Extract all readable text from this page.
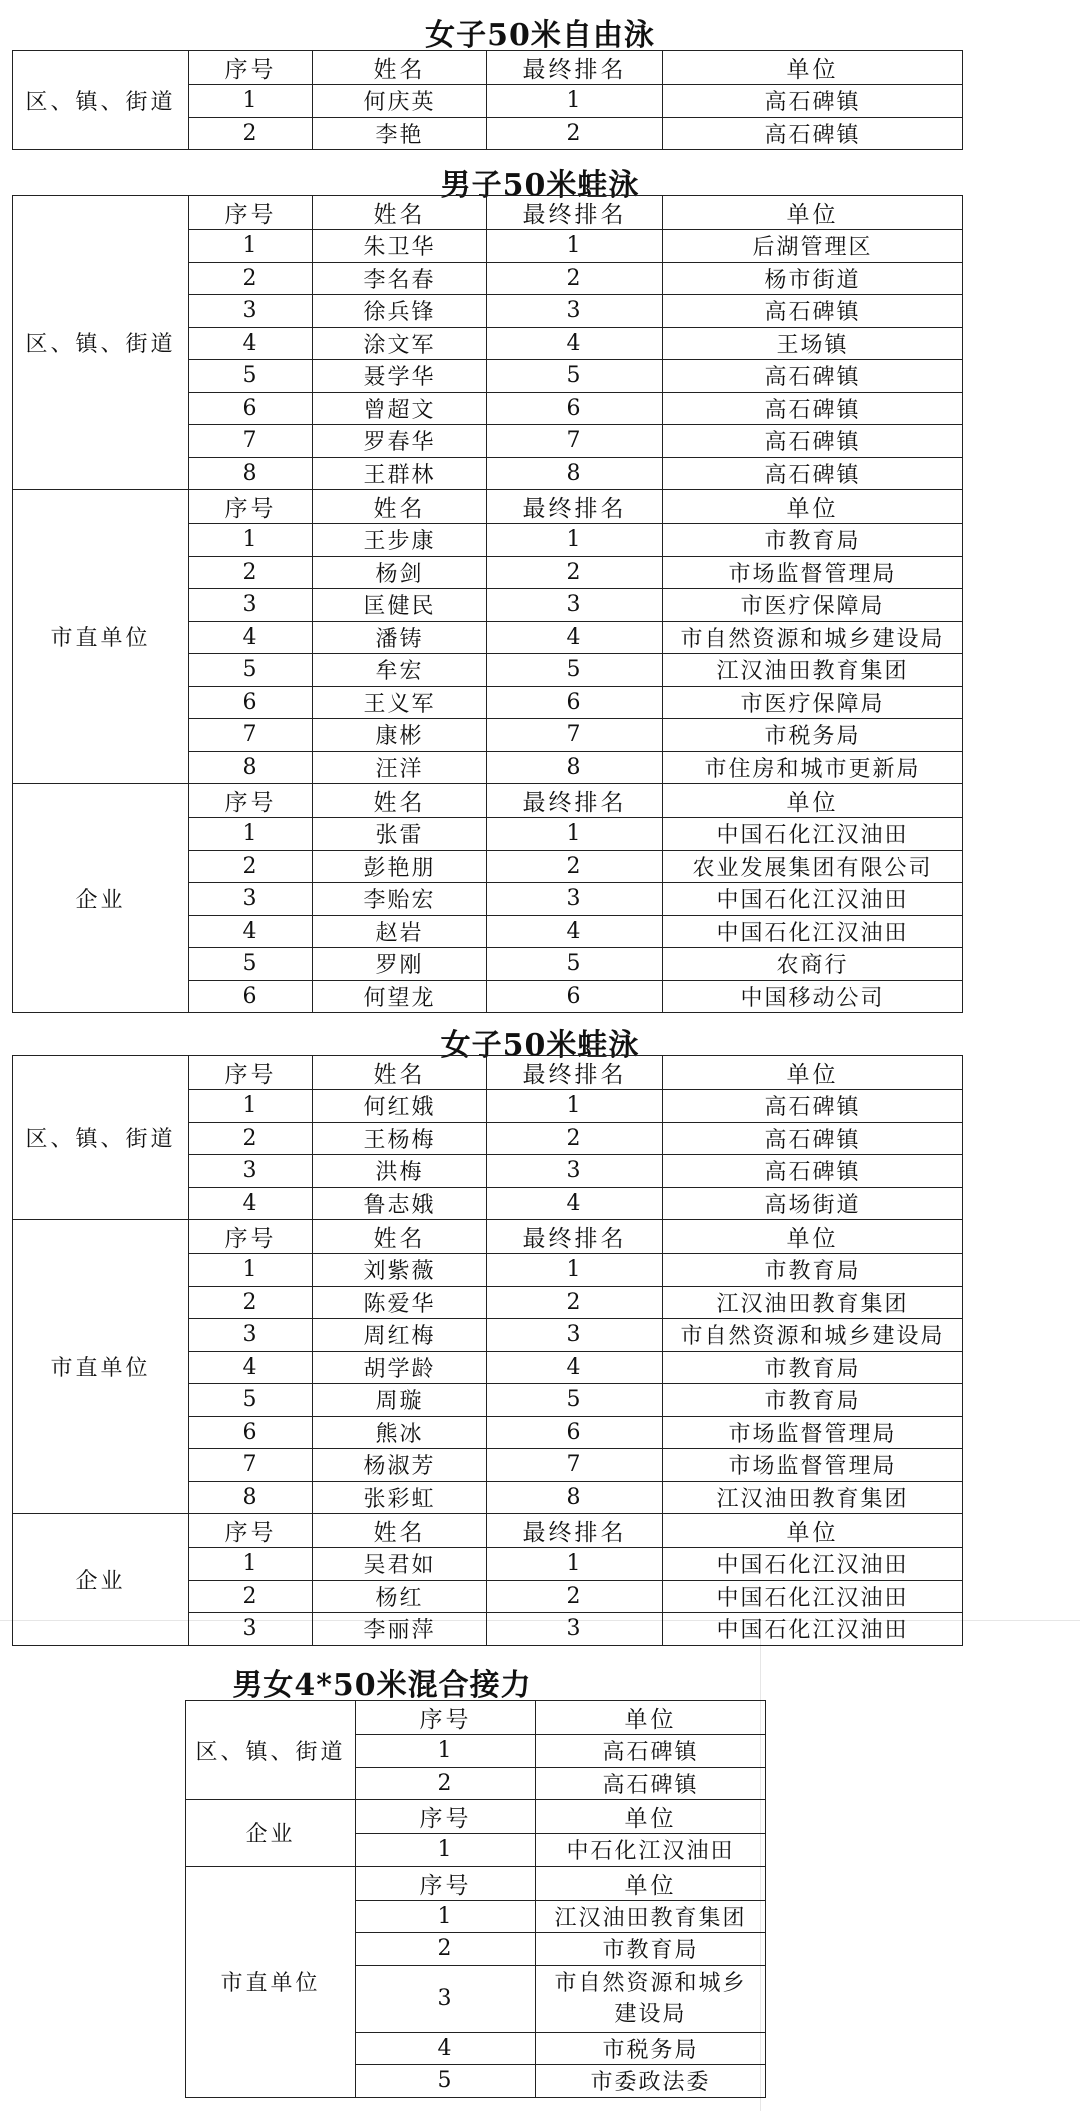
女子50米自由泳
区、镇、街道	序号	姓名	最终排名	单位
	1	何庆英	1	高石碑镇
	2	李艳	2	高石碑镇
男子50米蛙泳
区、镇、街道	序号	姓名	最终排名	单位
	1	朱卫华	1	后湖管理区
	2	李名春	2	杨市街道
	3	徐兵锋	3	高石碑镇
	4	涂文军	4	王场镇
	5	聂学华	5	高石碑镇
	6	曾超文	6	高石碑镇
	7	罗春华	7	高石碑镇
	8	王群林	8	高石碑镇
市直单位	序号	姓名	最终排名	单位
	1	王步康	1	市教育局
	2	杨剑	2	市场监督管理局
	3	匡健民	3	市医疗保障局
	4	潘铸	4	市自然资源和城乡建设局
	5	牟宏	5	江汉油田教育集团
	6	王义军	6	市医疗保障局
	7	康彬	7	市税务局
	8	汪洋	8	市住房和城市更新局
企业	序号	姓名	最终排名	单位
	1	张雷	1	中国石化江汉油田
	2	彭艳朋	2	农业发展集团有限公司
	3	李贻宏	3	中国石化江汉油田
	4	赵岩	4	中国石化江汉油田
	5	罗刚	5	农商行
	6	何望龙	6	中国移动公司
女子50米蛙泳
区、镇、街道	序号	姓名	最终排名	单位
	1	何红娥	1	高石碑镇
	2	王杨梅	2	高石碑镇
	3	洪梅	3	高石碑镇
	4	鲁志娥	4	高场街道
市直单位	序号	姓名	最终排名	单位
	1	刘紫薇	1	市教育局
	2	陈爱华	2	江汉油田教育集团
	3	周红梅	3	市自然资源和城乡建设局
	4	胡学龄	4	市教育局
	5	周璇	5	市教育局
	6	熊冰	6	市场监督管理局
	7	杨淑芳	7	市场监督管理局
	8	张彩虹	8	江汉油田教育集团
企业	序号	姓名	最终排名	单位
	1	吴君如	1	中国石化江汉油田
	2	杨红	2	中国石化江汉油田
	3	李丽萍	3	中国石化江汉油田
男女4*50米混合接力
区、镇、街道	序号	单位
	1	高石碑镇
	2	高石碑镇
企业	序号	单位
	1	中石化江汉油田
市直单位	序号	单位
	1	江汉油田教育集团
	2	市教育局
	3	市自然资源和城乡建设局
	4	市税务局
	5	市委政法委
